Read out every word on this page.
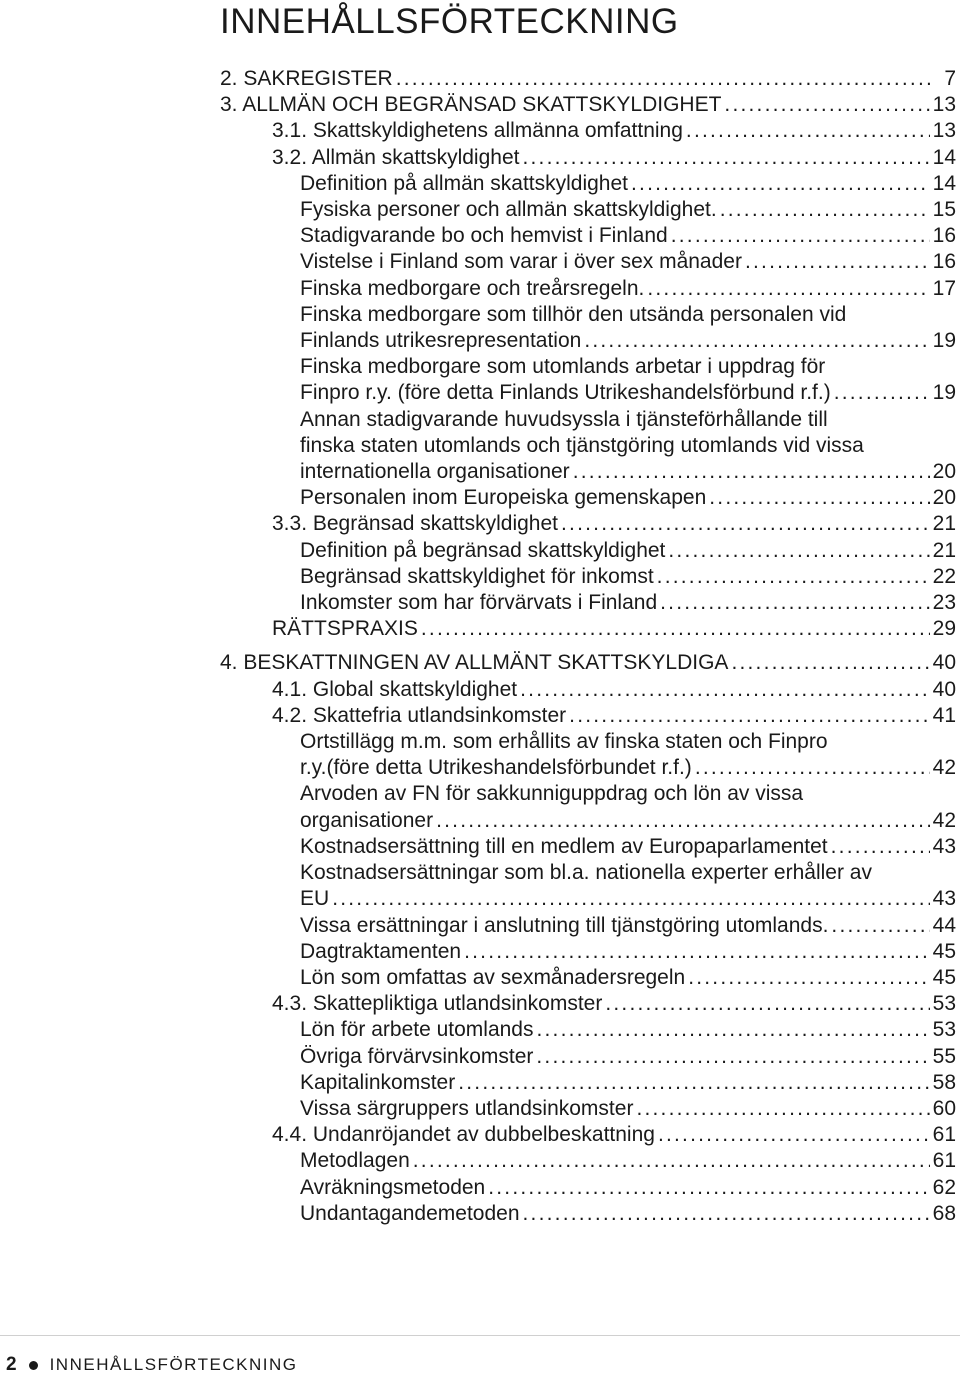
INNEHÅLLSFÖRTECKNING
2. SAKREGISTER .....	7
3. ALLMÄN OCH BEGRÄNSAD SKATTSKYLDIGHET .....	13
3.1. Skattskyldighetens allmänna omfattning .....	13
3.2. Allmän skattskyldighet .....	14
Definition på allmän skattskyldighet .....	14
Fysiska personer och allmän skattskyldighet. .....	15
Stadigvarande bo och hemvist i Finland .....	16
Vistelse i Finland som varar i över sex månader .....	16
Finska medborgare och treårsregeln. .....	17
Finska medborgare som tillhör den utsända personalen vid
Finlands utrikesrepresentation .....	19
Finska medborgare som utomlands arbetar i uppdrag för
Finpro r.y. (före detta Finlands Utrikeshandelsförbund r.f.) .....	19
Annan stadigvarande huvudsyssla i tjänsteförhållande till
finska staten utomlands och tjänstgöring utomlands vid vissa
internationella organisationer .....	20
Personalen inom Europeiska gemenskapen .....	20
3.3. Begränsad skattskyldighet .....	21
Definition på begränsad skattskyldighet .....	21
Begränsad skattskyldighet för inkomst .....	22
Inkomster som har förvärvats i Finland .....	23
RÄTTSPRAXIS .....	29
4. BESKATTNINGEN AV ALLMÄNT SKATTSKYLDIGA .....	40
4.1. Global skattskyldighet .....	40
4.2. Skattefria utlandsinkomster .....	41
Ortstillägg m.m. som erhållits av finska staten och Finpro
r.y.(före detta Utrikeshandelsförbundet r.f.) .....	42
Arvoden av FN för sakkunniguppdrag och lön av vissa
organisationer .....	42
Kostnadsersättning till en medlem av Europaparlamentet .....	43
Kostnadsersättningar som bl.a. nationella experter erhåller av
EU .....	43
Vissa ersättningar i anslutning till tjänstgöring utomlands. .....	44
Dagtraktamenten .....	45
Lön som omfattas av sexmånadersregeln .....	45
4.3. Skattepliktiga utlandsinkomster .....	53
Lön för arbete utomlands .....	53
Övriga förvärvsinkomster .....	55
Kapitalinkomster .....	58
Vissa särgruppers utlandsinkomster .....	60
4.4. Undanröjandet av dubbelbeskattning .....	61
Metodlagen .....	61
Avräkningsmetoden .....	62
Undantagandemetoden .....	68
2 INNEHÅLLSFÖRTECKNING
